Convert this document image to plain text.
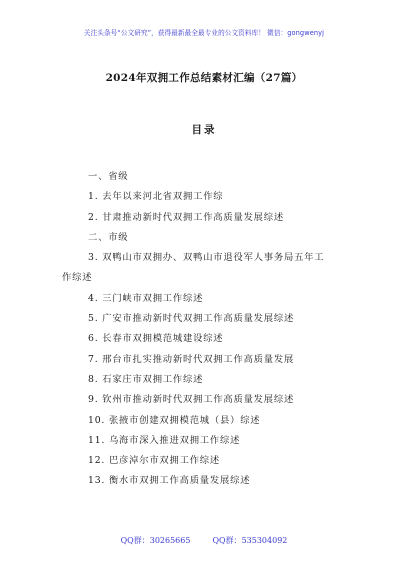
关注头条号“公文研究”，获得最新最全最专业的公文资料库！ 微信：gongwenyj
2024年双拥工作总结素材汇编（27篇）
目录
一、省级
1. 去年以来河北省双拥工作综
2. 甘肃推动新时代双拥工作高质量发展综述
二、市级
3. 双鸭山市双拥办、双鸭山市退役军人事务局五年工
作综述
4. 三门峡市双拥工作综述
5. 广安市推动新时代双拥工作高质量发展综述
6. 长春市双拥模范城建设综述
7. 邢台市扎实推动新时代双拥工作高质量发展
8. 石家庄市双拥工作综述
9. 钦州市推动新时代双拥工作高质量发展综述
10. 张掖市创建双拥模范城（县）综述
11. 乌海市深入推进双拥工作综述
12. 巴彦淖尔市双拥工作综述
13. 衡水市双拥工作高质量发展综述
QQ群：30265665	QQ群：535304092
